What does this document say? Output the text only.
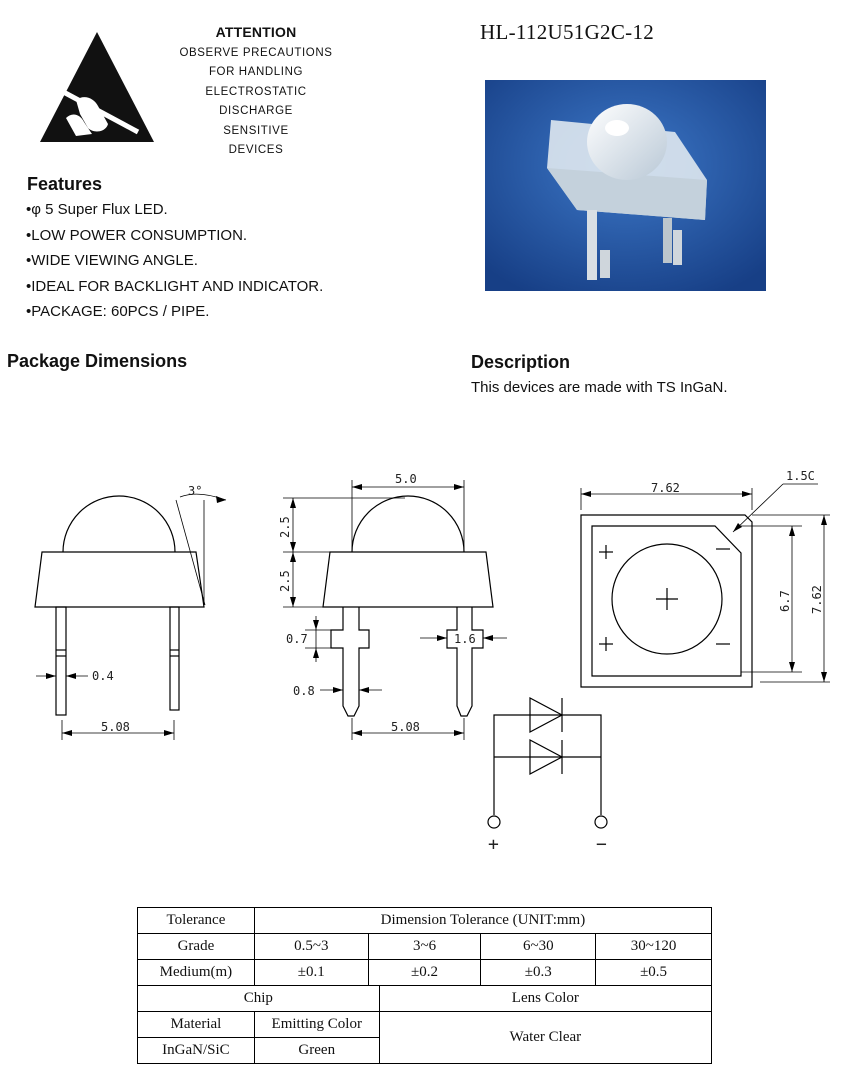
ATTENTION
OBSERVE PRECAUTIONS
FOR HANDLING
ELECTROSTATIC
DISCHARGE
SENSITIVE
DEVICES
HL-112U51G2C-12
Features
•φ 5 Super Flux LED.
•LOW POWER CONSUMPTION.
•WIDE VIEWING ANGLE.
•IDEAL FOR BACKLIGHT AND INDICATOR.
•PACKAGE: 60PCS / PIPE.
Package Dimensions	Description
This devices are made with TS InGaN.
3°
0.4
5.08
5.0
2.5
2.5
0.7	1.6
0.8
5.08
7.62
1.5C
6.7 7.62
+	−
Tolerance	Dimension Tolerance (UNIT:mm)				
Grade	0.5~3	3~6		6~30	30~120
Medium(m)	±0.1	±0.2		±0.3	±0.5
Chip			Lens Color		
Material	Emitting Color		Water Clear		
InGaN/SiC	Green				
